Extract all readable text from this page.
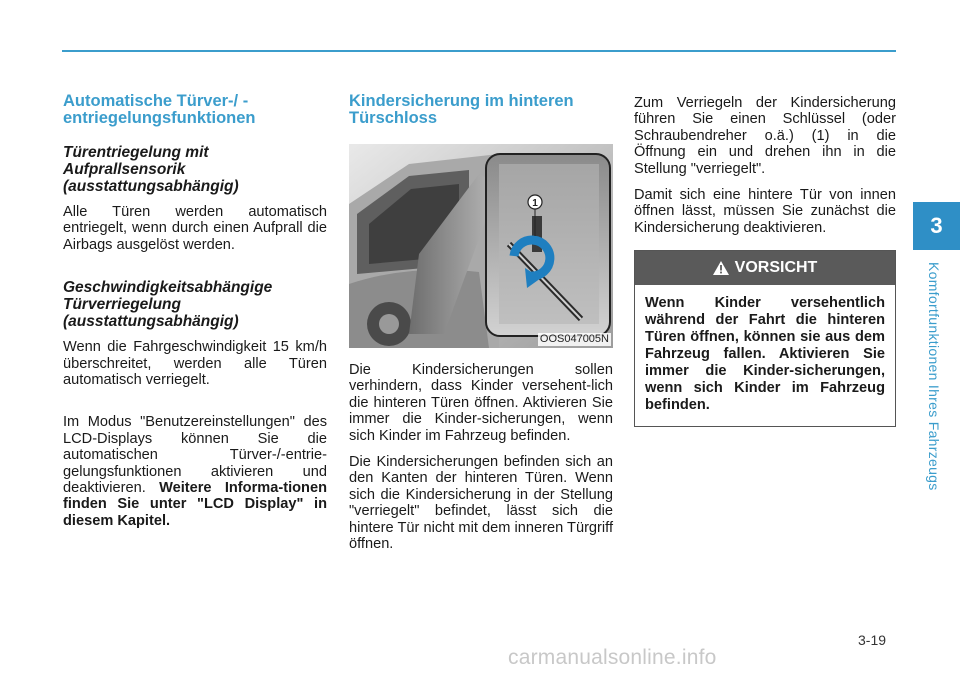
Automatische Türver-/ -entriegelungsfunktionen
Türentriegelung mit Aufprallsensorik (ausstattungsabhängig)

Alle Türen werden automatisch entriegelt, wenn durch einen Aufprall die Airbags ausgelöst werden.

Geschwindigkeitsabhängige Türverriegelung (ausstattungsabhängig)

Wenn die Fahrgeschwindigkeit 15 km/h überschreitet, werden alle Türen automatisch verriegelt.

Im Modus "Benutzereinstellungen" des LCD-Displays können Sie die automatischen Türver-/-entrie-gelungsfunktionen aktivieren und deaktivieren. Weitere Informa-tionen finden Sie unter "LCD Display" in diesem Kapitel.

Kindersicherung im hinteren Türschloss
1
OOS047005N

Die Kindersicherungen sollen verhindern, dass Kinder versehent-lich die hinteren Türen öffnen. Aktivieren Sie immer die Kinder-sicherungen, wenn sich Kinder im Fahrzeug befinden.

Die Kindersicherungen befinden sich an den Kanten der hinteren Türen. Wenn sich die Kindersicherung in der Stellung "verriegelt" befindet, lässt sich die hintere Tür nicht mit dem inneren Türgriff öffnen.

Zum Verriegeln der Kindersicherung führen Sie einen Schlüssel (oder Schraubendreher o.ä.) (1) in die Öffnung ein und drehen ihn in die Stellung "verriegelt".

Damit sich eine hintere Tür von innen öffnen lässt, müssen Sie zunächst die Kindersicherung deaktivieren.

VORSICHT
Wenn Kinder versehentlich während der Fahrt die hinteren Türen öffnen, können sie aus dem Fahrzeug fallen. Aktivieren Sie immer die Kinder-sicherungen, wenn sich Kinder im Fahrzeug befinden.
3
Komfortfunktionen Ihres Fahrzeugs
3-19
carmanualsonline.info
